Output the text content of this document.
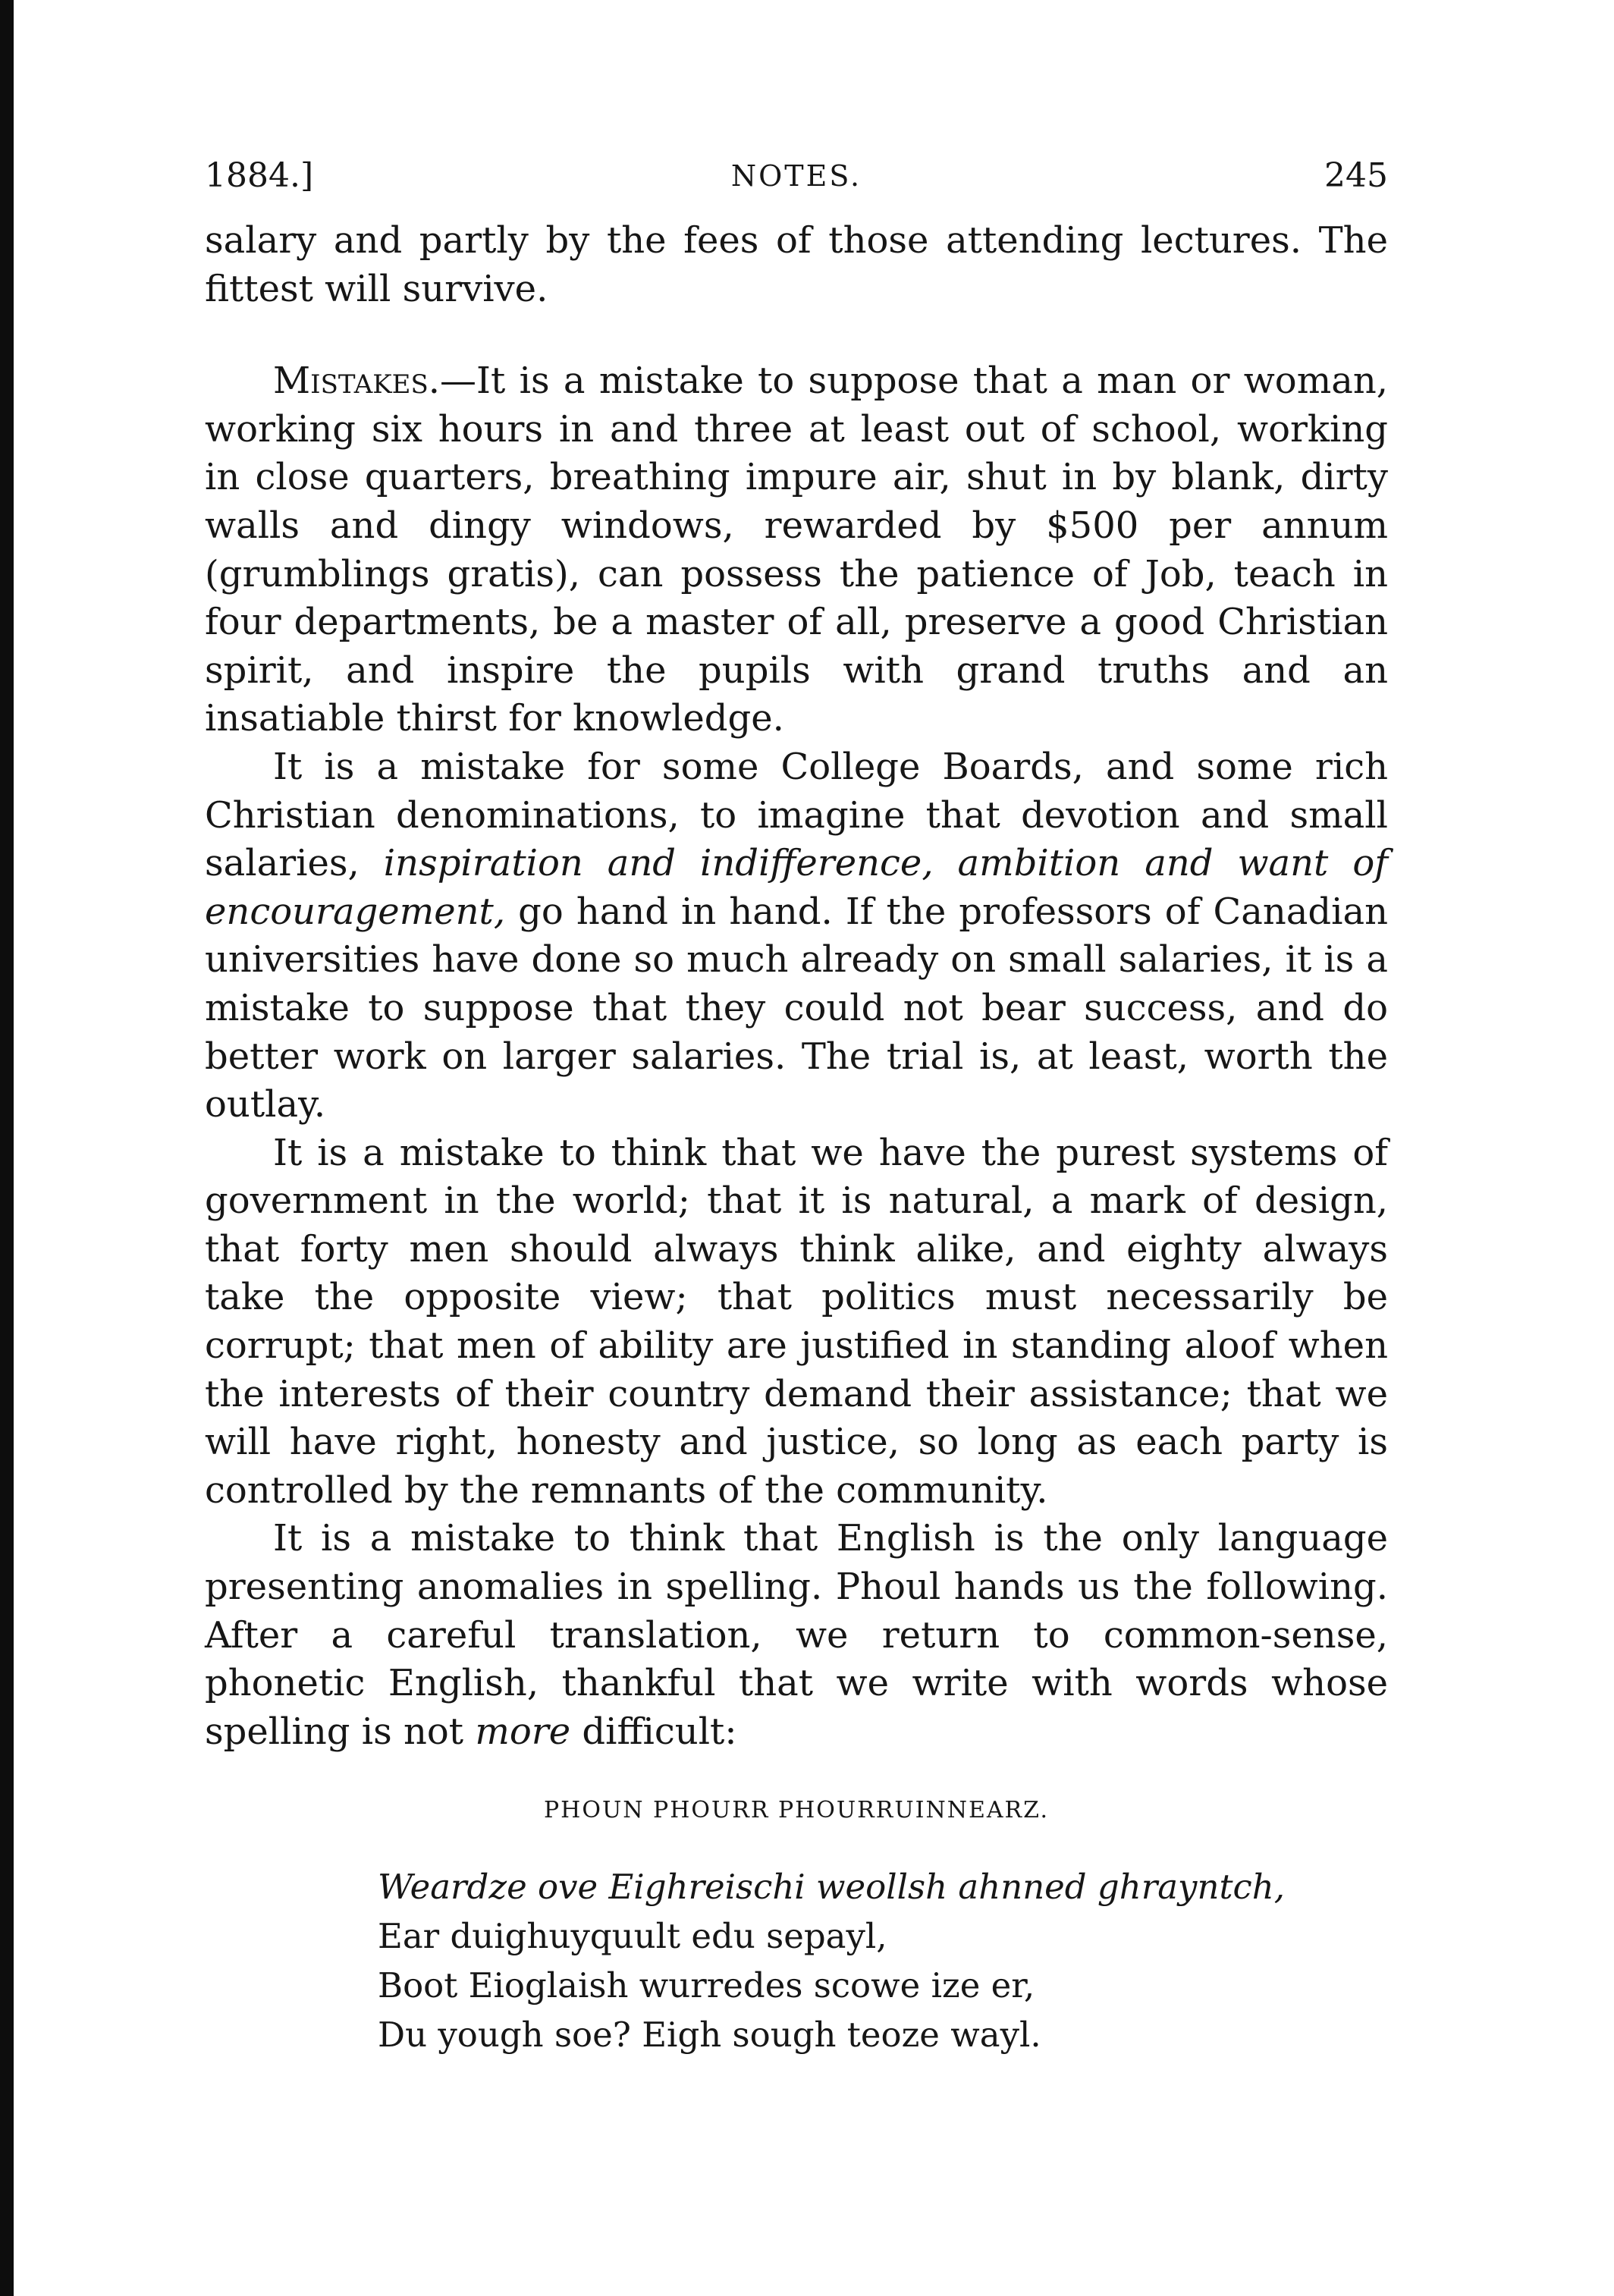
1884.]	NOTES.	245

salary and partly by the fees of those attending lectures. The fittest will survive.

Mistakes.—It is a mistake to suppose that a man or woman, working six hours in and three at least out of school, working in close quarters, breathing impure air, shut in by blank, dirty walls and dingy windows, rewarded by $500 per annum (grumblings gratis), can possess the patience of Job, teach in four departments, be a master of all, preserve a good Christian spirit, and inspire the pupils with grand truths and an insatiable thirst for knowledge.

It is a mistake for some College Boards, and some rich Christian denominations, to imagine that devotion and small salaries, inspiration and indifference, ambition and want of encouragement, go hand in hand. If the professors of Canadian universities have done so much already on small salaries, it is a mistake to suppose that they could not bear success, and do better work on larger salaries. The trial is, at least, worth the outlay.

It is a mistake to think that we have the purest systems of government in the world; that it is natural, a mark of design, that forty men should always think alike, and eighty always take the opposite view; that politics must necessarily be corrupt; that men of ability are justified in standing aloof when the interests of their country demand their assistance; that we will have right, honesty and justice, so long as each party is controlled by the remnants of the community.

It is a mistake to think that English is the only language presenting anomalies in spelling. Phoul hands us the following. After a careful translation, we return to common-sense, phonetic English, thankful that we write with words whose spelling is not more difficult:

PHOUN PHOURR PHOURRUINNEARZ.
Weardze ove Eighreischi weollsh ahnned ghrayntch,
Ear duighuyquult edu sepayl,
Boot Eioglaish wurredes scowe ize er,
Du yough soe? Eigh sough teoze wayl.
